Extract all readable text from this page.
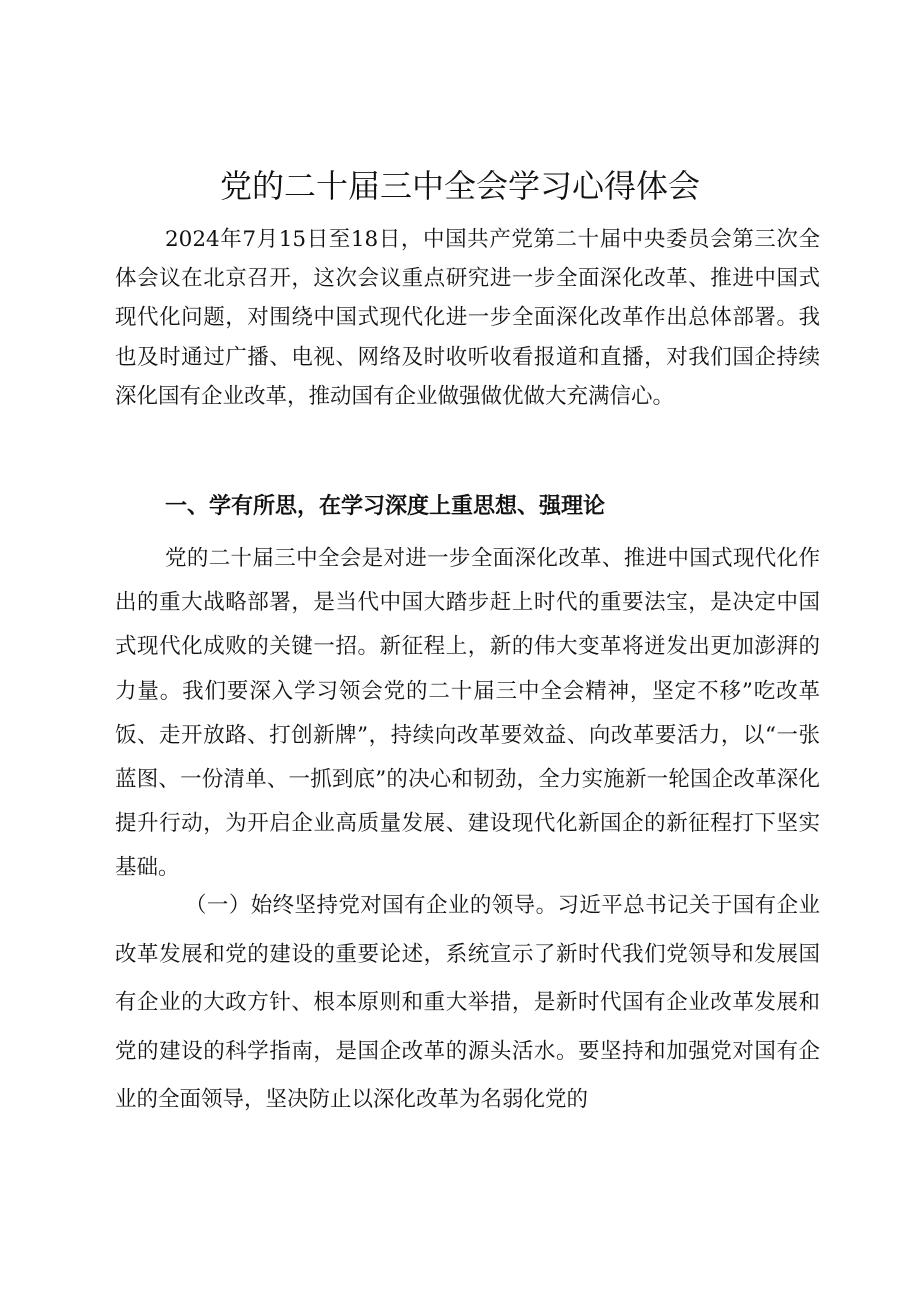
党的二十届三中全会学习心得体会

2024年7月15日至18日，中国共产党第二十届中央委员会第三次全体会议在北京召开，这次会议重点研究进一步全面深化改革、推进中国式现代化问题，对围绕中国式现代化进一步全面深化改革作出总体部署。我也及时通过广播、电视、网络及时收听收看报道和直播，对我们国企持续深化国有企业改革，推动国有企业做强做优做大充满信心。

一、学有所思，在学习深度上重思想、强理论

党的二十届三中全会是对进一步全面深化改革、推进中国式现代化作出的重大战略部署，是当代中国大踏步赶上时代的重要法宝，是决定中国式现代化成败的关键一招。新征程上，新的伟大变革将迸发出更加澎湃的力量。我们要深入学习领会党的二十届三中全会精神，坚定不移”吃改革饭、走开放路、打创新牌”，持续向改革要效益、向改革要活力，以“一张蓝图、一份清单、一抓到底”的决心和韧劲，全力实施新一轮国企改革深化提升行动，为开启企业高质量发展、建设现代化新国企的新征程打下坚实基础。

（一）始终坚持党对国有企业的领导。习近平总书记关于国有企业改革发展和党的建设的重要论述，系统宣示了新时代我们党领导和发展国有企业的大政方针、根本原则和重大举措，是新时代国有企业改革发展和党的建设的科学指南，是国企改革的源头活水。要坚持和加强党对国有企业的全面领导，坚决防止以深化改革为名弱化党的
